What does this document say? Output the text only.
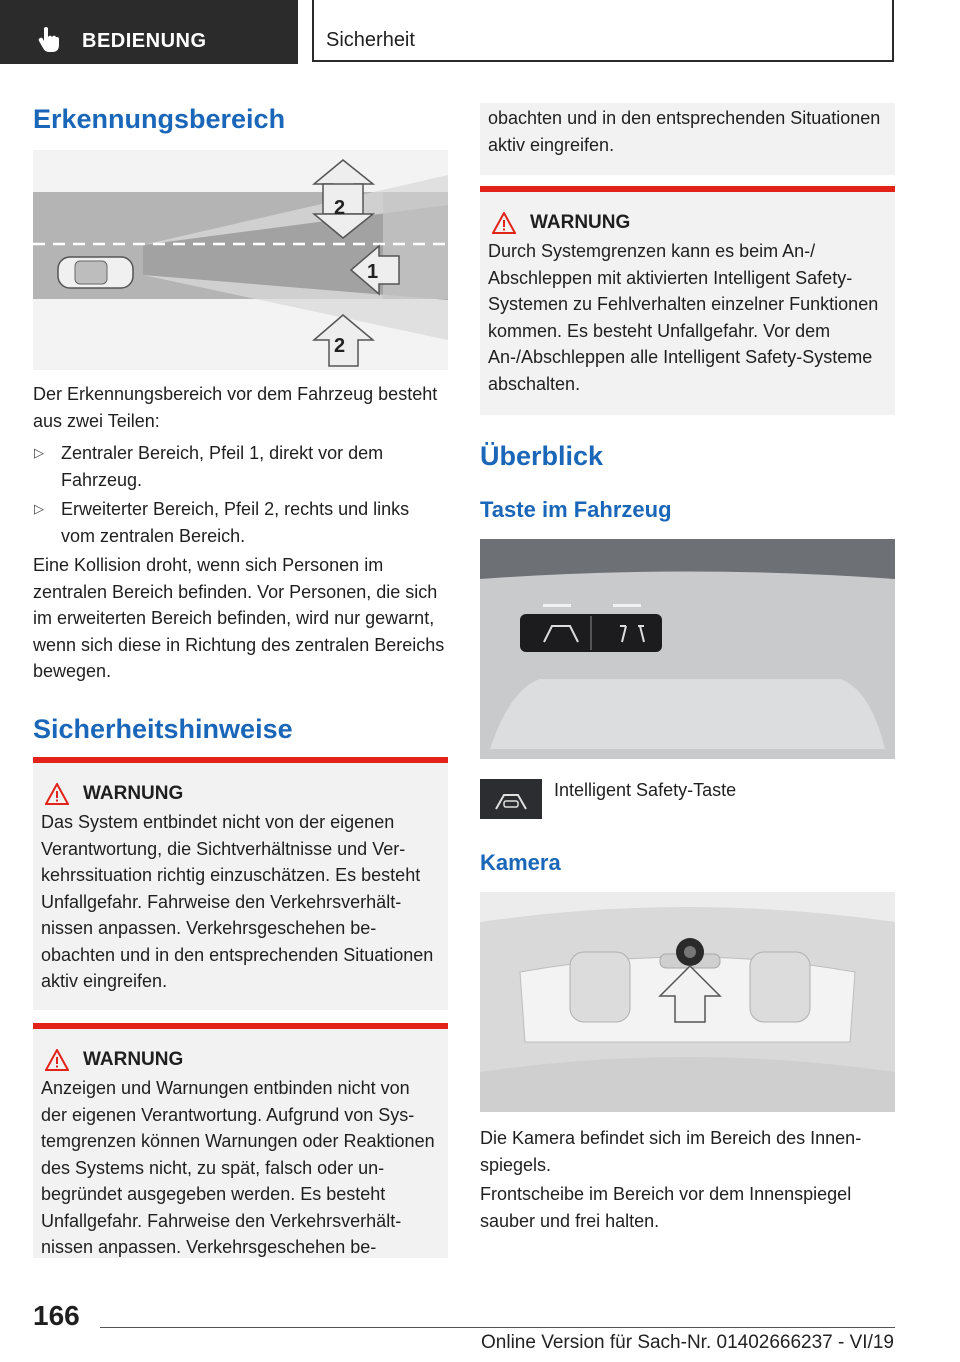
BEDIENUNG	Sicherheit
Erkennungsbereich
2
1
2

Der Erkennungsbereich vor dem Fahrzeug besteht aus zwei Teilen:

▷ Zentraler Bereich, Pfeil 1, direkt vor dem Fahrzeug.
▷ Erweiterter Bereich, Pfeil 2, rechts und links vom zentralen Bereich.

Eine Kollision droht, wenn sich Personen im zentralen Bereich befinden. Vor Personen, die sich im erweiterten Bereich befinden, wird nur gewarnt, wenn sich diese in Richtung des zentralen Bereichs bewegen.

Sicherheitshinweise
WARNUNG
Das System entbindet nicht von der eigenen Verantwortung, die Sichtverhältnisse und Verkehrssituation richtig einzuschätzen. Es besteht Unfallgefahr. Fahrweise den Verkehrsverhältnissen anpassen. Verkehrsgeschehen beobachten und in den entsprechenden Situationen aktiv eingreifen.
WARNUNG
Anzeigen und Warnungen entbinden nicht von der eigenen Verantwortung. Aufgrund von Systemgrenzen können Warnungen oder Reaktionen des Systems nicht, zu spät, falsch oder unbegründet ausgegeben werden. Es besteht Unfallgefahr. Fahrweise den Verkehrsverhältnissen anpassen. Verkehrsgeschehen be-
obachten und in den entsprechenden Situationen aktiv eingreifen.
WARNUNG
Durch Systemgrenzen kann es beim An-/ Abschleppen mit aktivierten Intelligent Safety-Systemen zu Fehlverhalten einzelner Funktionen kommen. Es besteht Unfallgefahr. Vor dem An-/Abschleppen alle Intelligent Safety-Systeme abschalten.
Überblick
Taste im Fahrzeug
Intelligent Safety-Taste
Kamera

Die Kamera befindet sich im Bereich des Innenspiegels.

Frontscheibe im Bereich vor dem Innenspiegel sauber und frei halten.

166
Online Version für Sach-Nr. 01402666237 - VI/19
